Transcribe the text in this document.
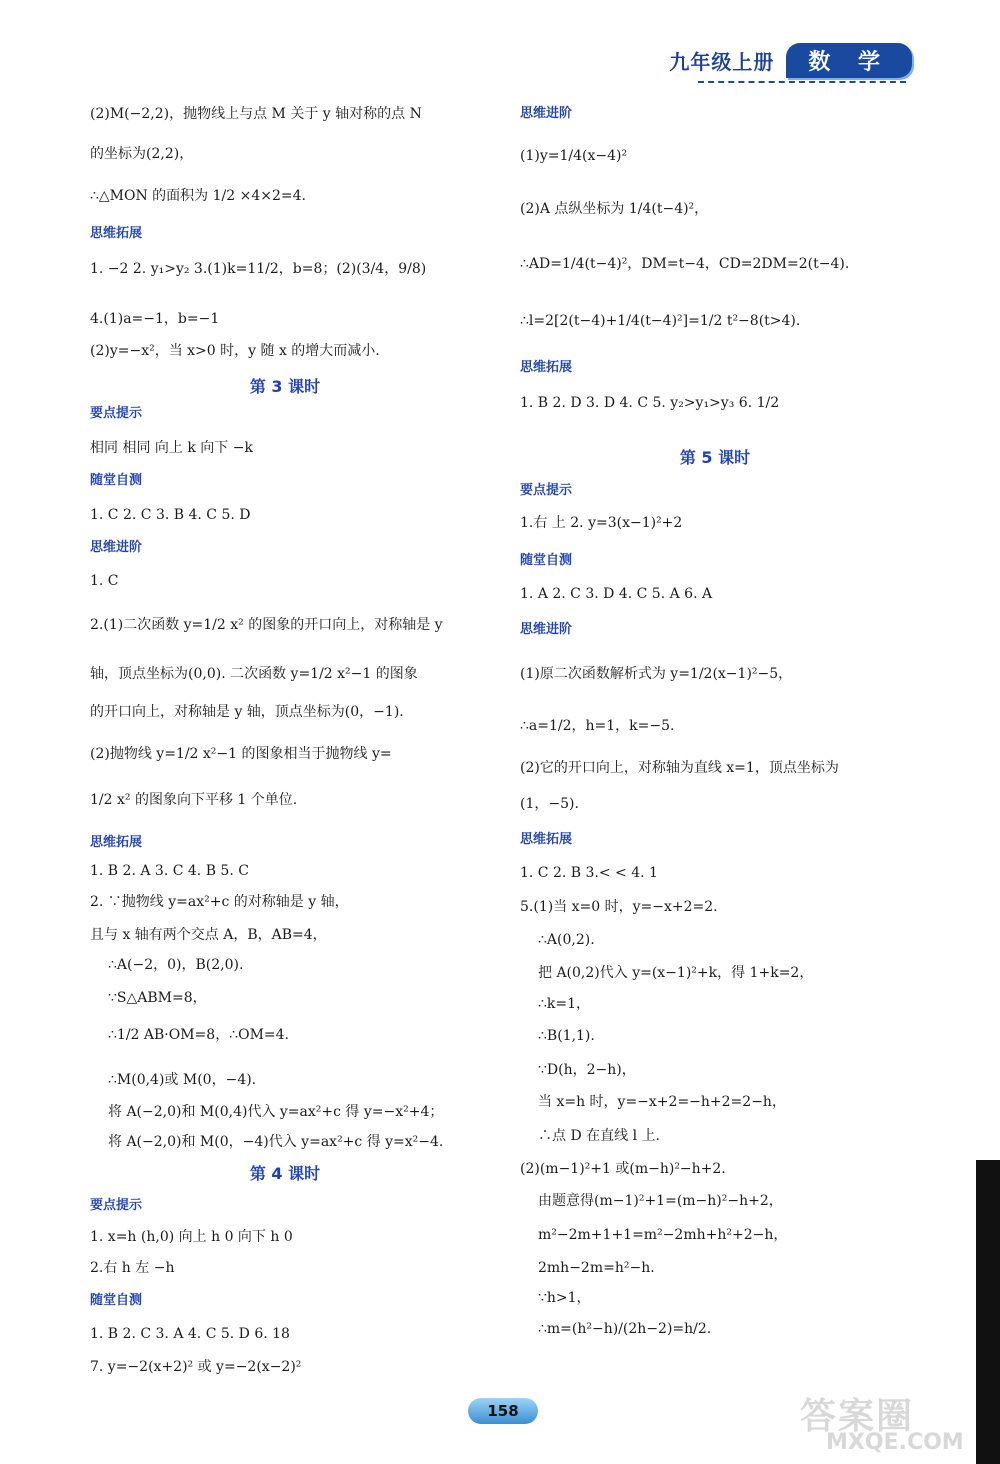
九年级上册	数 学
(2)M(−2,2)，抛物线上与点 M 关于 y 轴对称的点 N
的坐标为(2,2)，
∴△MON 的面积为 1/2 ×4×2=4.
思维拓展
1. −2 2. y₁>y₂ 3.(1)k=11/2，b=8；(2)(3/4，9/8)
4.(1)a=−1，b=−1
(2)y=−x²，当 x>0 时，y 随 x 的增大而减小.
第 3 课时
要点提示
相同 相同 向上 k 向下 −k
随堂自测
1. C 2. C 3. B 4. C 5. D
思维进阶
1. C
2.(1)二次函数 y=1/2 x² 的图象的开口向上，对称轴是 y
轴，顶点坐标为(0,0). 二次函数 y=1/2 x²−1 的图象
的开口向上，对称轴是 y 轴，顶点坐标为(0，−1).
(2)抛物线 y=1/2 x²−1 的图象相当于抛物线 y=
1/2 x² 的图象向下平移 1 个单位.
思维拓展
1. B 2. A 3. C 4. B 5. C
2. ∵抛物线 y=ax²+c 的对称轴是 y 轴，
且与 x 轴有两个交点 A，B，AB=4，
∴A(−2，0)，B(2,0).
∵S△ABM=8，
∴1/2 AB·OM=8，∴OM=4.
∴M(0,4)或 M(0，−4).
将 A(−2,0)和 M(0,4)代入 y=ax²+c 得 y=−x²+4；
将 A(−2,0)和 M(0，−4)代入 y=ax²+c 得 y=x²−4.
第 4 课时
要点提示
1. x=h (h,0) 向上 h 0 向下 h 0
2.右 h 左 −h
随堂自测
1. B 2. C 3. A 4. C 5. D 6. 18
7. y=−2(x+2)² 或 y=−2(x−2)²
思维进阶
(1)y=1/4(x−4)²
(2)A 点纵坐标为 1/4(t−4)²，
∴AD=1/4(t−4)²，DM=t−4，CD=2DM=2(t−4).
∴l=2[2(t−4)+1/4(t−4)²]=1/2 t²−8(t>4).
思维拓展
1. B 2. D 3. D 4. C 5. y₂>y₁>y₃ 6. 1/2
第 5 课时
要点提示
1.右 上 2. y=3(x−1)²+2
随堂自测
1. A 2. C 3. D 4. C 5. A 6. A
思维进阶
(1)原二次函数解析式为 y=1/2(x−1)²−5，
∴a=1/2，h=1，k=−5.
(2)它的开口向上，对称轴为直线 x=1，顶点坐标为
(1，−5).
思维拓展
1. C 2. B 3.< < 4. 1
5.(1)当 x=0 时，y=−x+2=2.
∴A(0,2).
把 A(0,2)代入 y=(x−1)²+k，得 1+k=2，
∴k=1，
∴B(1,1).
∵D(h，2−h)，
当 x=h 时，y=−x+2=−h+2=2−h，
∴点 D 在直线 l 上.
(2)(m−1)²+1 或(m−h)²−h+2.
由题意得(m−1)²+1=(m−h)²−h+2，
m²−2m+1+1=m²−2mh+h²+2−h，
2mh−2m=h²−h.
∵h>1，
∴m=(h²−h)/(2h−2)=h/2.
158	答案圈
MXQE.COM
